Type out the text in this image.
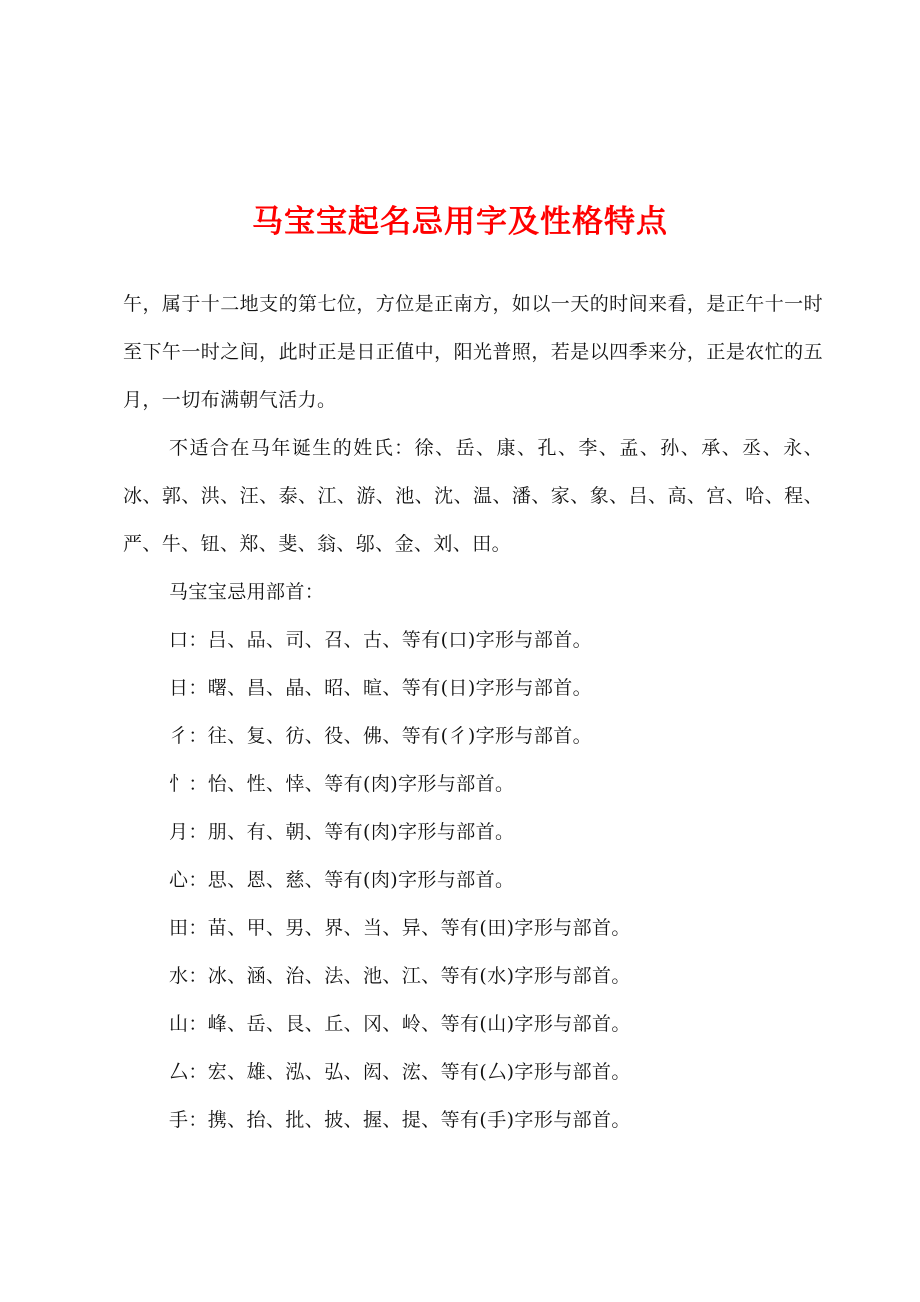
马宝宝起名忌用字及性格特点

午，属于十二地支的第七位，方位是正南方，如以一天的时间来看，是正午十一时至下午一时之间，此时正是日正值中，阳光普照，若是以四季来分，正是农忙的五月，一切布满朝气活力。

不适合在马年诞生的姓氏：徐、岳、康、孔、李、孟、孙、承、丞、永、冰、郭、洪、汪、泰、江、游、池、沈、温、潘、家、象、吕、高、宫、哈、程、严、牛、钮、郑、斐、翁、邬、金、刘、田。

马宝宝忌用部首：

口：吕、品、司、召、古、等有(口)字形与部首。
日：曙、昌、晶、昭、暄、等有(日)字形与部首。
彳：往、复、彷、役、佛、等有(彳)字形与部首。
忄：怡、性、悻、等有(肉)字形与部首。
月：朋、有、朝、等有(肉)字形与部首。
心：思、恩、慈、等有(肉)字形与部首。
田：苗、甲、男、界、当、异、等有(田)字形与部首。
水：冰、涵、治、法、池、江、等有(水)字形与部首。
山：峰、岳、艮、丘、冈、岭、等有(山)字形与部首。
厶：宏、雄、泓、弘、闳、浤、等有(厶)字形与部首。
手：携、抬、批、披、握、提、等有(手)字形与部首。
